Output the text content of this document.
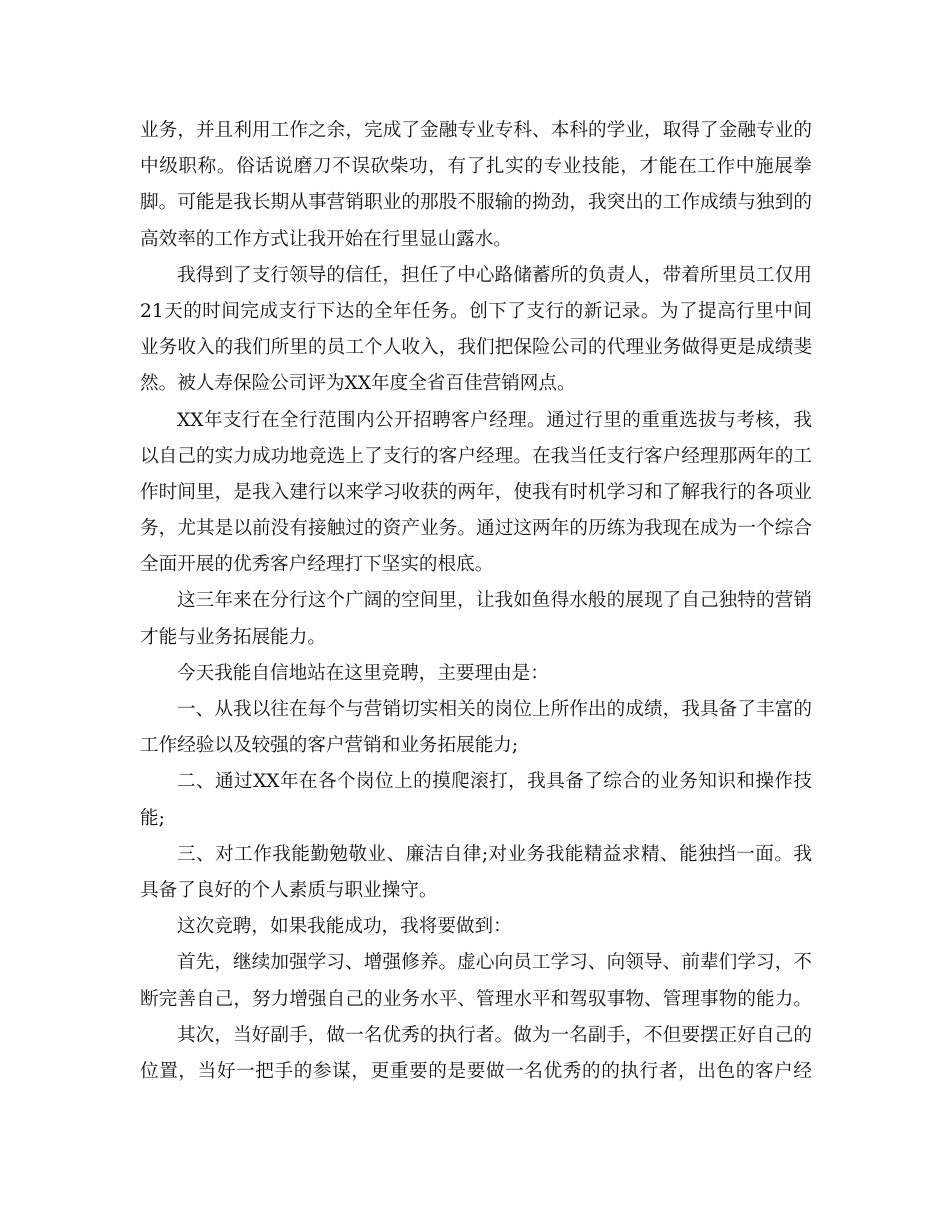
业务，并且利用工作之余，完成了金融专业专科、本科的学业，取得了金融专业的
中级职称。俗话说磨刀不误砍柴功，有了扎实的专业技能，才能在工作中施展拳
脚。可能是我长期从事营销职业的那股不服输的拗劲，我突出的工作成绩与独到的
高效率的工作方式让我开始在行里显山露水。
我得到了支行领导的信任，担任了中心路储蓄所的负责人，带着所里员工仅用
21天的时间完成支行下达的全年任务。创下了支行的新记录。为了提高行里中间
业务收入的我们所里的员工个人收入，我们把保险公司的代理业务做得更是成绩斐
然。被人寿保险公司评为XX年度全省百佳营销网点。
XX年支行在全行范围内公开招聘客户经理。通过行里的重重选拔与考核，我
以自己的实力成功地竞选上了支行的客户经理。在我当任支行客户经理那两年的工
作时间里，是我入建行以来学习收获的两年，使我有时机学习和了解我行的各项业
务，尤其是以前没有接触过的资产业务。通过这两年的历练为我现在成为一个综合
全面开展的优秀客户经理打下坚实的根底。
这三年来在分行这个广阔的空间里，让我如鱼得水般的展现了自己独特的营销
才能与业务拓展能力。
今天我能自信地站在这里竞聘，主要理由是：
一、从我以往在每个与营销切实相关的岗位上所作出的成绩，我具备了丰富的
工作经验以及较强的客户营销和业务拓展能力;
二、通过XX年在各个岗位上的摸爬滚打，我具备了综合的业务知识和操作技
能;
三、对工作我能勤勉敬业、廉洁自律;对业务我能精益求精、能独挡一面。我
具备了良好的个人素质与职业操守。
这次竞聘，如果我能成功，我将要做到：
首先，继续加强学习、增强修养。虚心向员工学习、向领导、前辈们学习，不
断完善自己，努力增强自己的业务水平、管理水平和驾驭事物、管理事物的能力。
其次，当好副手，做一名优秀的执行者。做为一名副手，不但要摆正好自己的
位置，当好一把手的参谋，更重要的是要做一名优秀的的执行者，出色的客户经
